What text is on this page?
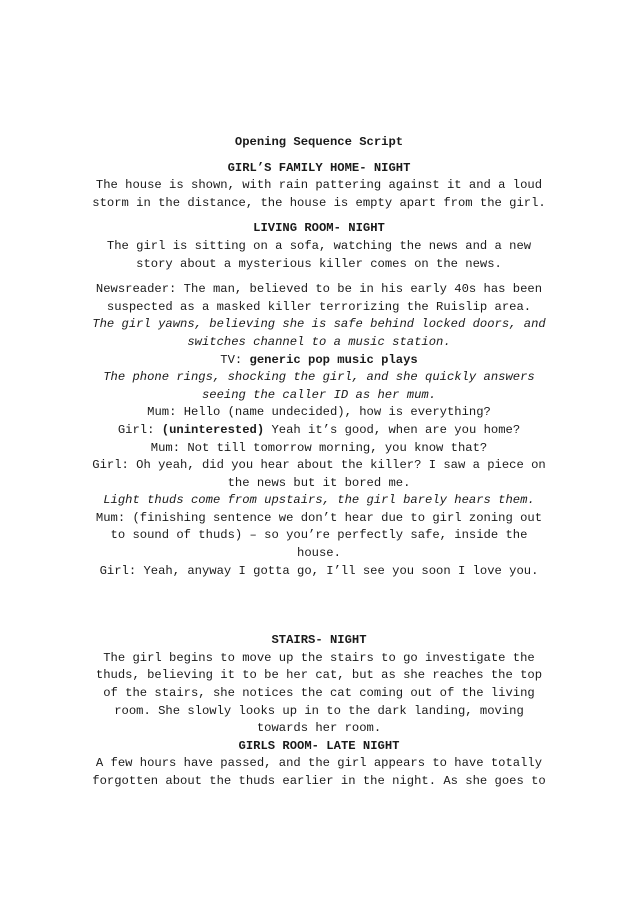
Opening Sequence Script

GIRL’S FAMILY HOME- NIGHT

The house is shown, with rain pattering against it and a loud storm in the distance, the house is empty apart from the girl.

LIVING ROOM- NIGHT

The girl is sitting on a sofa, watching the news and a new story about a mysterious killer comes on the news.

Newsreader: The man, believed to be in his early 40s has been suspected as a masked killer terrorizing the Ruislip area.

The girl yawns, believing she is safe behind locked doors, and switches channel to a music station.

TV: generic pop music plays

The phone rings, shocking the girl, and she quickly answers seeing the caller ID as her mum.

Mum: Hello (name undecided), how is everything?

Girl: (uninterested) Yeah it’s good, when are you home?

Mum: Not till tomorrow morning, you know that?

Girl: Oh yeah, did you hear about the killer? I saw a piece on the news but it bored me.

Light thuds come from upstairs, the girl barely hears them.

Mum: (finishing sentence we don’t hear due to girl zoning out to sound of thuds) – so you’re perfectly safe, inside the house.

Girl: Yeah, anyway I gotta go, I’ll see you soon I love you.

STAIRS- NIGHT

The girl begins to move up the stairs to go investigate the thuds, believing it to be her cat, but as she reaches the top of the stairs, she notices the cat coming out of the living room. She slowly looks up in to the dark landing, moving towards her room.

GIRLS ROOM- LATE NIGHT

A few hours have passed, and the girl appears to have totally forgotten about the thuds earlier in the night. As she goes to
